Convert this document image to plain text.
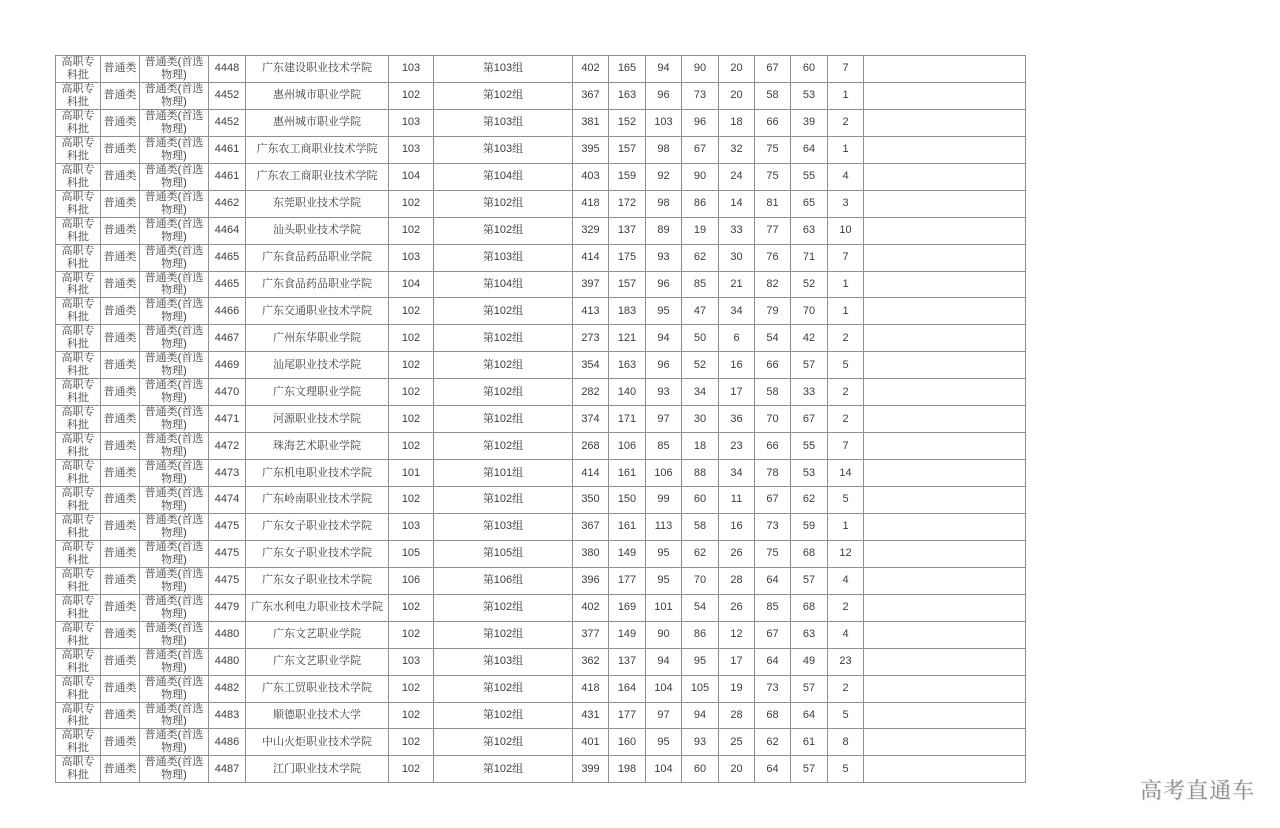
高职专科批	普通类	普通类(首选物理)	4448	广东建设职业技术学院	103	第103组	402	165	94	90	20	67	60	7	
高职专科批	普通类	普通类(首选物理)	4452	惠州城市职业学院	102	第102组	367	163	96	73	20	58	53	1	
高职专科批	普通类	普通类(首选物理)	4452	惠州城市职业学院	103	第103组	381	152	103	96	18	66	39	2	
高职专科批	普通类	普通类(首选物理)	4461	广东农工商职业技术学院	103	第103组	395	157	98	67	32	75	64	1	
高职专科批	普通类	普通类(首选物理)	4461	广东农工商职业技术学院	104	第104组	403	159	92	90	24	75	55	4	
高职专科批	普通类	普通类(首选物理)	4462	东莞职业技术学院	102	第102组	418	172	98	86	14	81	65	3	
高职专科批	普通类	普通类(首选物理)	4464	汕头职业技术学院	102	第102组	329	137	89	19	33	77	63	10	
高职专科批	普通类	普通类(首选物理)	4465	广东食品药品职业学院	103	第103组	414	175	93	62	30	76	71	7	
高职专科批	普通类	普通类(首选物理)	4465	广东食品药品职业学院	104	第104组	397	157	96	85	21	82	52	1	
高职专科批	普通类	普通类(首选物理)	4466	广东交通职业技术学院	102	第102组	413	183	95	47	34	79	70	1	
高职专科批	普通类	普通类(首选物理)	4467	广州东华职业学院	102	第102组	273	121	94	50	6	54	42	2	
高职专科批	普通类	普通类(首选物理)	4469	汕尾职业技术学院	102	第102组	354	163	96	52	16	66	57	5	
高职专科批	普通类	普通类(首选物理)	4470	广东文理职业学院	102	第102组	282	140	93	34	17	58	33	2	
高职专科批	普通类	普通类(首选物理)	4471	河源职业技术学院	102	第102组	374	171	97	30	36	70	67	2	
高职专科批	普通类	普通类(首选物理)	4472	珠海艺术职业学院	102	第102组	268	106	85	18	23	66	55	7	
高职专科批	普通类	普通类(首选物理)	4473	广东机电职业技术学院	101	第101组	414	161	106	88	34	78	53	14	
高职专科批	普通类	普通类(首选物理)	4474	广东岭南职业技术学院	102	第102组	350	150	99	60	11	67	62	5	
高职专科批	普通类	普通类(首选物理)	4475	广东女子职业技术学院	103	第103组	367	161	113	58	16	73	59	1	
高职专科批	普通类	普通类(首选物理)	4475	广东女子职业技术学院	105	第105组	380	149	95	62	26	75	68	12	
高职专科批	普通类	普通类(首选物理)	4475	广东女子职业技术学院	106	第106组	396	177	95	70	28	64	57	4	
高职专科批	普通类	普通类(首选物理)	4479	广东水利电力职业技术学院	102	第102组	402	169	101	54	26	85	68	2	
高职专科批	普通类	普通类(首选物理)	4480	广东文艺职业学院	102	第102组	377	149	90	86	12	67	63	4	
高职专科批	普通类	普通类(首选物理)	4480	广东文艺职业学院	103	第103组	362	137	94	95	17	64	49	23	
高职专科批	普通类	普通类(首选物理)	4482	广东工贸职业技术学院	102	第102组	418	164	104	105	19	73	57	2	
高职专科批	普通类	普通类(首选物理)	4483	顺德职业技术大学	102	第102组	431	177	97	94	28	68	64	5	
高职专科批	普通类	普通类(首选物理)	4486	中山火炬职业技术学院	102	第102组	401	160	95	93	25	62	61	8	
高职专科批	普通类	普通类(首选物理)	4487	江门职业技术学院	102	第102组	399	198	104	60	20	64	57	5	
高考直通车
